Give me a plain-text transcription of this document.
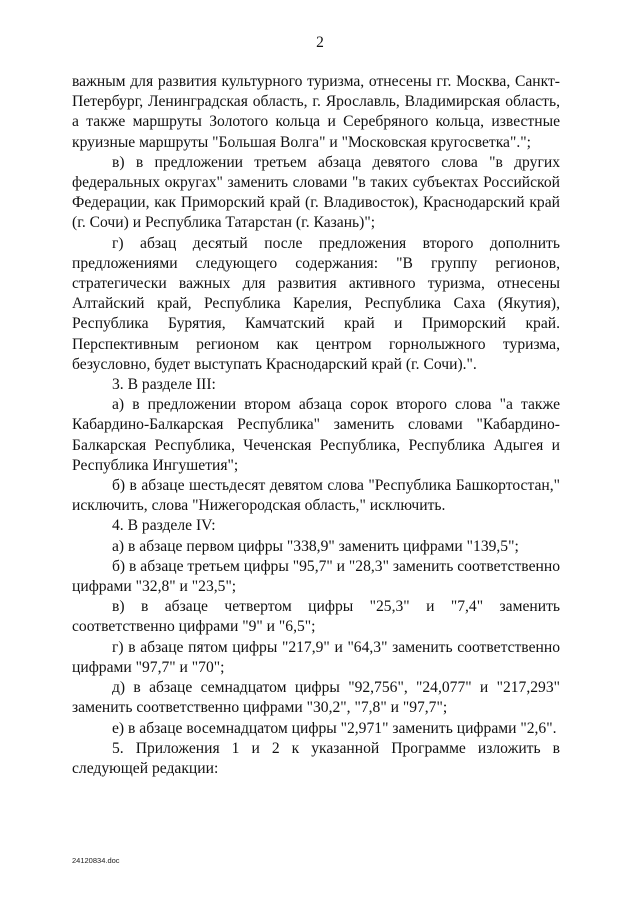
2

важным для развития культурного туризма, отнесены гг. Москва, Санкт-Петербург, Ленинградская область, г. Ярославль, Владимирская область, а также маршруты Золотого кольца и Серебряного кольца, известные круизные маршруты "Большая Волга" и "Московская кругосветка".";

в) в предложении третьем абзаца девятого слова "в других федеральных округах" заменить словами "в таких субъектах Российской Федерации, как Приморский край (г. Владивосток), Краснодарский край (г. Сочи) и Республика Татарстан (г. Казань)";

г) абзац десятый после предложения второго дополнить предложениями следующего содержания: "В группу регионов, стратегически важных для развития активного туризма, отнесены Алтайский край, Республика Карелия, Республика Саха (Якутия), Республика Бурятия, Камчатский край и Приморский край. Перспективным регионом как центром горнолыжного туризма, безусловно, будет выступать Краснодарский край (г. Сочи).".

3. В разделе III:

а) в предложении втором абзаца сорок второго слова "а также Кабардино-Балкарская Республика" заменить словами "Кабардино-Балкарская Республика, Чеченская Республика, Республика Адыгея и Республика Ингушетия";

б) в абзаце шестьдесят девятом слова "Республика Башкортостан," исключить, слова "Нижегородская область," исключить.

4. В разделе IV:

а) в абзаце первом цифры "338,9" заменить цифрами "139,5";

б) в абзаце третьем цифры "95,7" и "28,3" заменить соответственно цифрами "32,8" и "23,5";

в) в абзаце четвертом цифры "25,3" и "7,4" заменить соответственно цифрами "9" и "6,5";

г) в абзаце пятом цифры "217,9" и "64,3" заменить соответственно цифрами "97,7" и "70";

д) в абзаце семнадцатом цифры "92,756", "24,077" и "217,293" заменить соответственно цифрами "30,2", "7,8" и "97,7";

е) в абзаце восемнадцатом цифры "2,971" заменить цифрами "2,6".

5. Приложения 1 и 2 к указанной Программе изложить в следующей редакции:

24120834.doc
